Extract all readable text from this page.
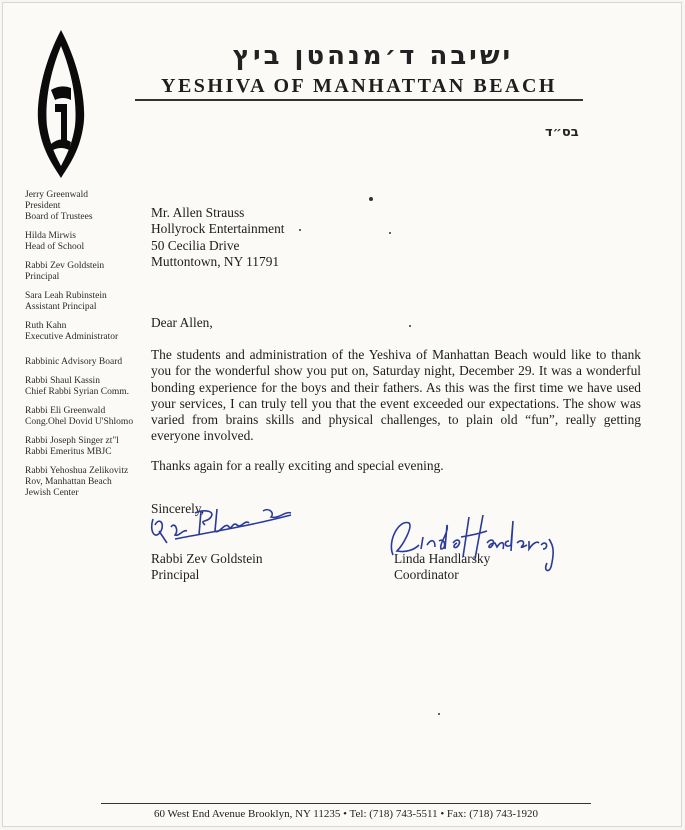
ישיבה ד׳מנהטן ביץ
YESHIVA OF MANHATTAN BEACH
בס״ד
Jerry Greenwald
President
Board of Trustees
Hilda Mirwis
Head of School
Rabbi Zev Goldstein
Principal
Sara Leah Rubinstein
Assistant Principal
Ruth Kahn
Executive Administrator
Rabbinic Advisory Board
Rabbi Shaul Kassin
Chief Rabbi Syrian Comm.
Rabbi Eli Greenwald
Cong.Ohel Dovid U'Shlomo
Rabbi Joseph Singer zt"l
Rabbi Emeritus MBJC
Rabbi Yehoshua Zelikovitz
Rov, Manhattan Beach
Jewish Center
Mr. Allen Strauss
Hollyrock Entertainment
50 Cecilia Drive
Muttontown, NY 11791
Dear Allen,
The students and administration of the Yeshiva of Manhattan Beach would like to thank you for the wonderful show you put on, Saturday night, December 29. It was a wonderful bonding experience for the boys and their fathers. As this was the first time we have used your services, I can truly tell you that the event exceeded our expectations. The show was varied from brains skills and physical challenges, to plain old “fun”, really getting everyone involved.
Thanks again for a really exciting and special evening.
Sincerely,
Rabbi Zev Goldstein
Principal
Linda Handlarsky
Coordinator
60 West End Avenue Brooklyn, NY 11235 • Tel: (718) 743-5511 • Fax: (718) 743-1920
